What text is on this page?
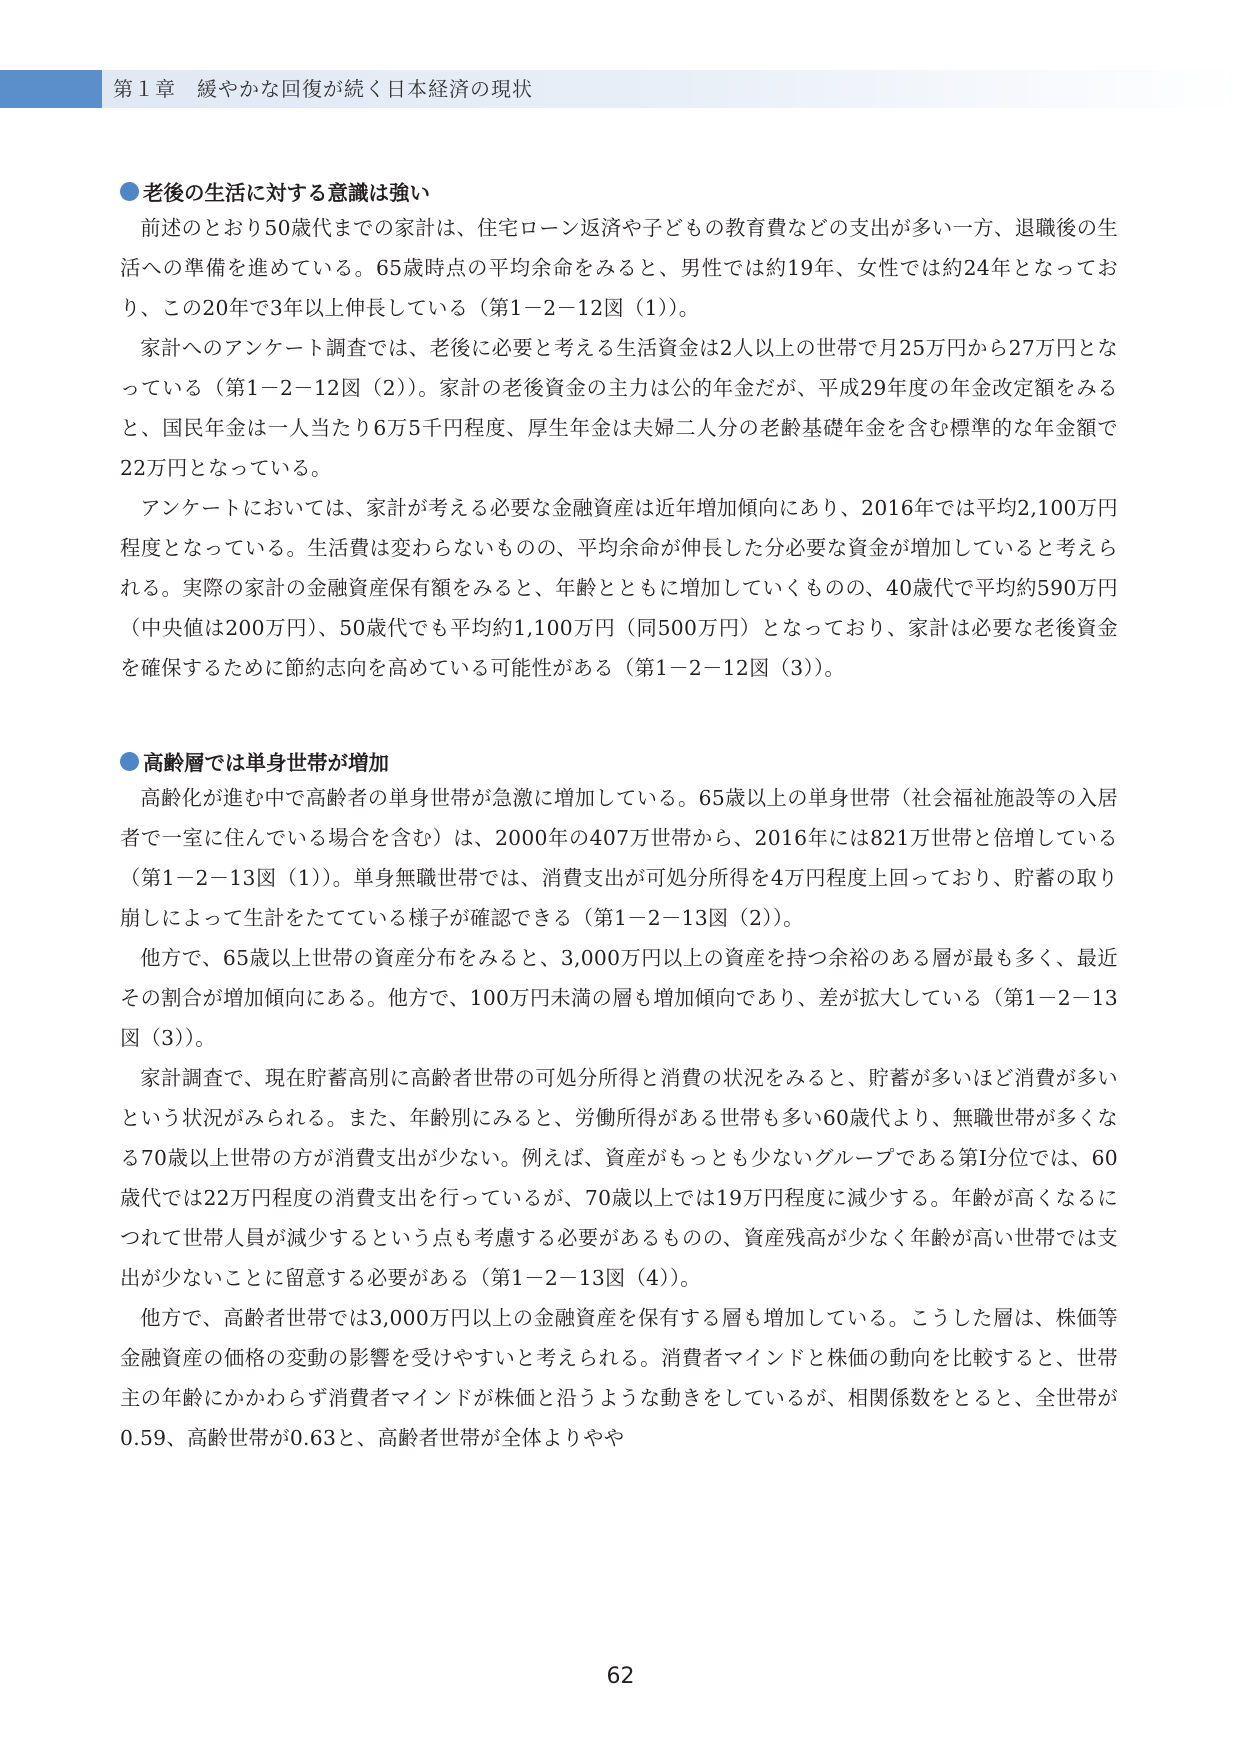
第１章　緩やかな回復が続く日本経済の現状
老後の生活に対する意識は強い

前述のとおり50歳代までの家計は、住宅ローン返済や子どもの教育費などの支出が多い一方、退職後の生活への準備を進めている。65歳時点の平均余命をみると、男性では約19年、女性では約24年となっており、この20年で3年以上伸長している（第1－2－12図（1））。

家計へのアンケート調査では、老後に必要と考える生活資金は2人以上の世帯で月25万円から27万円となっている（第1－2－12図（2））。家計の老後資金の主力は公的年金だが、平成29年度の年金改定額をみると、国民年金は一人当たり6万5千円程度、厚生年金は夫婦二人分の老齢基礎年金を含む標準的な年金額で22万円となっている。

アンケートにおいては、家計が考える必要な金融資産は近年増加傾向にあり、2016年では平均2,100万円程度となっている。生活費は変わらないものの、平均余命が伸長した分必要な資金が増加していると考えられる。実際の家計の金融資産保有額をみると、年齢とともに増加していくものの、40歳代で平均約590万円（中央値は200万円）、50歳代でも平均約1,100万円（同500万円）となっており、家計は必要な老後資金を確保するために節約志向を高めている可能性がある（第1－2－12図（3））。

高齢層では単身世帯が増加

高齢化が進む中で高齢者の単身世帯が急激に増加している。65歳以上の単身世帯（社会福祉施設等の入居者で一室に住んでいる場合を含む）は、2000年の407万世帯から、2016年には821万世帯と倍増している（第1－2－13図（1））。単身無職世帯では、消費支出が可処分所得を4万円程度上回っており、貯蓄の取り崩しによって生計をたてている様子が確認できる（第1－2－13図（2））。

他方で、65歳以上世帯の資産分布をみると、3,000万円以上の資産を持つ余裕のある層が最も多く、最近その割合が増加傾向にある。他方で、100万円未満の層も増加傾向であり、差が拡大している（第1－2－13図（3））。

家計調査で、現在貯蓄高別に高齢者世帯の可処分所得と消費の状況をみると、貯蓄が多いほど消費が多いという状況がみられる。また、年齢別にみると、労働所得がある世帯も多い60歳代より、無職世帯が多くなる70歳以上世帯の方が消費支出が少ない。例えば、資産がもっとも少ないグループである第Ⅰ分位では、60歳代では22万円程度の消費支出を行っているが、70歳以上では19万円程度に減少する。年齢が高くなるにつれて世帯人員が減少するという点も考慮する必要があるものの、資産残高が少なく年齢が高い世帯では支出が少ないことに留意する必要がある（第1－2－13図（4））。

他方で、高齢者世帯では3,000万円以上の金融資産を保有する層も増加している。こうした層は、株価等金融資産の価格の変動の影響を受けやすいと考えられる。消費者マインドと株価の動向を比較すると、世帯主の年齢にかかわらず消費者マインドが株価と沿うような動きをしているが、相関係数をとると、全世帯が0.59、高齢世帯が0.63と、高齢者世帯が全体よりやや

62
